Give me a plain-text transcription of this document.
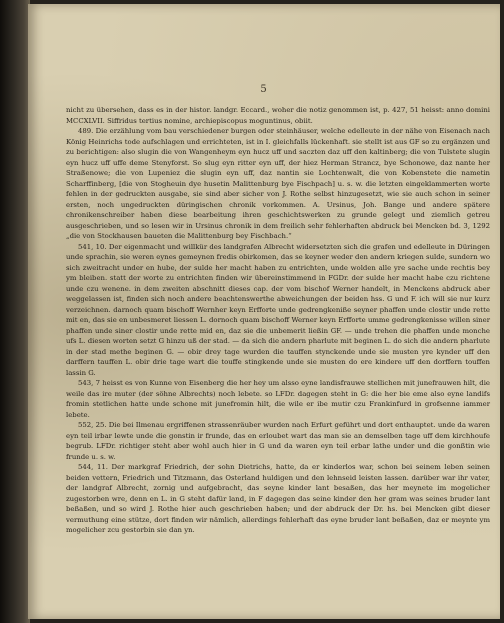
5

nicht zu übersehen, dass es in der histor. landgr. Eccard., woher die notiz genommen ist, p. 427, 51 heisst: anno domini MCCXLVII. Siffridus tertius nomine, archiepiscopus moguntinus, obiit.

489. Die erzählung vom bau verschiedener burgen oder steinhäuser, welche edelleute in der nähe von Eisenach nach König Heinrichs tode aufschlagen und errichteten, ist in I. gleichfalls lückenhaft. sie stellt ist aus GF so zu ergänzen und zu berichtigen: also slugin die von Wangenheym eyn hucz uff und saczten daz uff den kaltinberg; die von Tulstete slugin eyn hucz uff uffe deme Stenyforst. So slug eyn ritter eyn uff, der hiez Herman Strancz, bye Schonowe, daz nante her Straßenowe; die von Lupeniez die slugin eyn uff, daz nantin sie Lochtenwalt, die von Kobenstete die nametin Scharffinberg, [die von Stogheuin dye husetin Malittenburg bye Fischpach] u. s. w. die letzten eingeklammerten worte fehlen in der gedruckten ausgabe, sie sind aber sicher von J. Rothe selbst hinzugesetzt, wie sie auch schon in seiner ersten, noch ungedruckten düringischen chronik vorkommen. A. Ursinus, Joh. Bange und andere spätere chronikenschreiber haben diese bearbeitung ihren geschichtswerken zu grunde gelegt und ziemlich getreu ausgeschrieben, und so lesen wir in Ursinus chronik in dem freilich sehr fehlerhaften abdruck bei Mencken bd. 3, 1292 „die von Stockhausen baueten die Malittenburg bey Fischbach.“

541, 10. Der eigenmacht und willkür des landgrafen Albrecht widersetzten sich die grafen und edelleute in Düringen unde sprachin, sie weren eynes gemeynen fredis obirkomen, das se keyner weder den andern kriegen sulde, sundern wo sich zweitracht under en hube, der sulde her macht haben zu entrichten, unde wolden alle yre sache unde rechtis bey ym bleiben. statt der worte zu entrichten finden wir übereinstimmend in FGDr. der sulde her macht habe czu richtene unde czu wenene. in dem zweiten abschnitt dieses cap. der vom bischof Werner handelt, in Menckens abdruck aber weggelassen ist, finden sich noch andere beachtenswerthe abweichungen der beiden hss. G und F. ich will sie nur kurz verzeichnen. darnoch quam bischoff Wernher keyn Erfforte unde gedrengkeniße seyner phaffen unde clostir unde rette mit en, das sie en unbesmeret liessen L. dornoch quam bischoff Werner keyn Erfforte umme gedrengkenisse willen siner phaffen unde siner clostir unde rette mid en, daz sie die unbemerit ließin GF. — unde trehen die phaffen unde monche ufs L. diesen worten setzt G hinzu uß der stad. — da sich die andern pharlute mit beginen L. do sich die andern pharlute in der stad methe beginen G. — obir drey tage wurden die tauffen stynckende unde sie musten yre kynder uff den darffern tauffen L. obir drie tage wart die touffe stingkende unde sie musten do ere kindere uff den dorffern touffen lassin G.

543, 7 heisst es von Kunne von Eisenberg die her hey um alsso eyne landisfrauwe stellichen mit junefrauwen hilt, die weile das ire muter (der söhne Albrechts) noch lebete. so LFDr. dagegen steht in G: die her bie eme also eyne landifs fromin stetlichen hatte unde schone mit junefromin hilt, die wile er ibe mutir czu Frankinfurd in grofsenne iammer lebete.

552, 25. Die bei Ilmenau ergriffenen strassenräuber wurden nach Erfurt geführt und dort enthauptet. unde da waren eyn teil irbar lewte unde die gonstin ir frunde, das en erloubet wart das man sie an demselben tage uff dem kirchhoufe begrub. LFDr. richtiger steht aber wohl auch hier in G und da waren eyn teil erbar lathe under und die gonßtin wie frunde u. s. w.

544, 11. Der markgraf Friedrich, der sohn Dietrichs, hatte, da er kinderlos war, schon bei seinem leben seinen beiden vettern, Friedrich und Titzmann, das Osterland huldigen und den lehnseid leisten lassen. darüber war ihr vater, der landgraf Albrecht, zornig und aufgebracht, das seyne kinder lant besaßen, das her meynete im mogelicher zugestorben wre, denn en L. in G steht dafür land, in F dagegen das seine kinder den her gram was seines bruder lant beßaßen, und so wird J. Rothe hier auch geschrieben haben; und der abdruck der Dr. hs. bei Mencken gibt dieser vermuthung eine stütze, dort finden wir nämlich, allerdings fehlerhaft das eyne bruder lant beßaßen, daz er meynte ym mogelicher zcu gestorbin sie dan yn.
